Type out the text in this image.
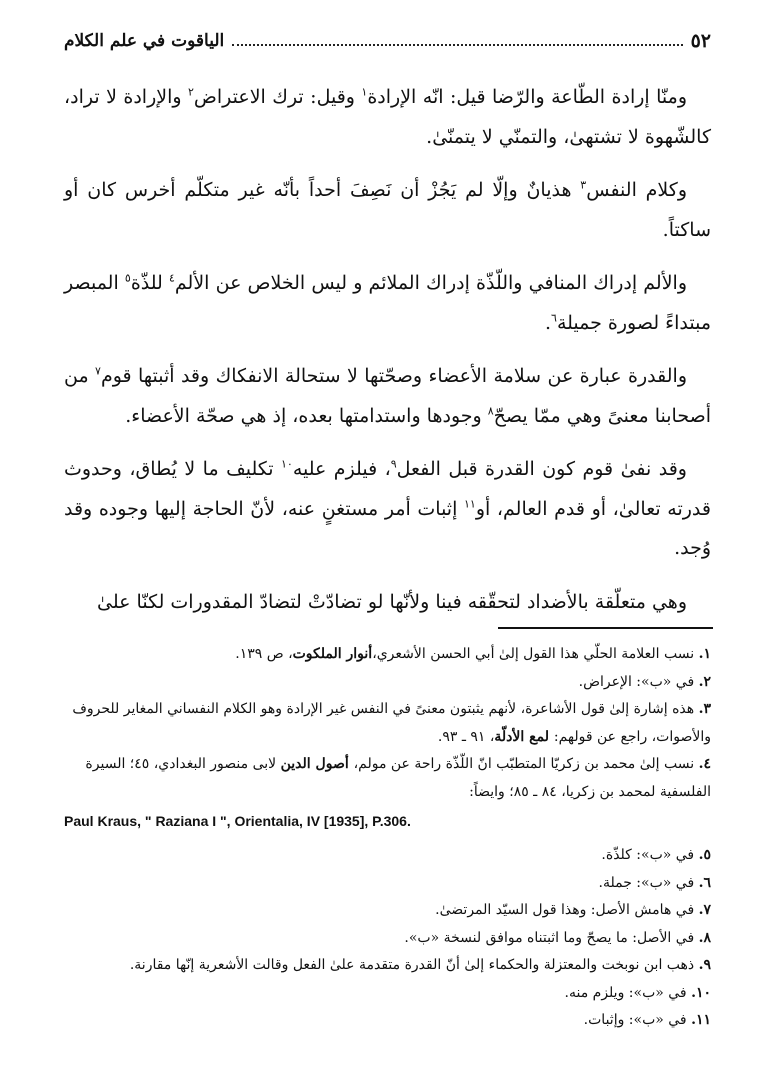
٥٢
الياقوت في علم الكلام

ومنّا إرادة الطّاعة والرّضا قيل: انّه الإرادة$^١$ وقيل: ترك الاعتراض$^٢$ والإرادة لا تراد، كالشّهوة لا تشتهىٰ، والتمنّي لا يتمنّىٰ.

وكلام النفس$^٣$ هذيانٌ وإلّا لم يَجُزْ أن نَصِفَ أحداً بأنّه غير متكلّم أخرس كان أو ساكتاً.

والألم إدراك المنافي واللّذّة إدراك الملائم و ليس الخلاص عن الألم$^٤$ للذّة$^٥$ المبصر مبتداءً لصورة جميلة$^٦$.

والقدرة عبارة عن سلامة الأعضاء وصحّتها لا ستحالة الانفكاك وقد أثبتها قوم$^٧$ من أصحابنا معنىً وهي ممّا يصحّ$^٨$ وجودها واستدامتها بعده، إذ هي صحّة الأعضاء.

وقد نفىٰ قوم كون القدرة قبل الفعل$^٩$، فيلزم عليه$^{١٠}$ تكليف ما لا يُطاق، وحدوث قدرته تعالىٰ، أو قدم العالم، أو$^{١١}$ إثبات أمر مستغنٍ عنه، لأنّ الحاجة إليها وجوده وقد وُجد.

وهي متعلّقة بالأضداد لتحقّقه فينا ولأنّها لو تضادّتْ لتضادّ المقدورات لكنّا علىٰ

١. نسب العلامة الحلّي هذا القول إلىٰ أبي الحسن الأشعري،أنوار الملكوت، ص ١٣٩.
٢. في «ب»: الإعراض.
٣. هذه إشارة إلىٰ قول الأشاعرة، لأنهم يثبتون معنىً في النفس غير الإرادة وهو الكلام النفساني المغاير للحروف والأصوات، راجع عن قولهم: لمع الأدلّة، ٩١ ـ ٩٣.
٤. نسب إلىٰ محمد بن زكريّا المتطبّب انّ اللّذّة راحة عن مولم، أصول الدين لابى منصور البغدادي، ٤٥؛ السيرة الفلسفية لمحمد بن زكريا، ٨٤ ـ ٨٥؛ وايضاً:
Paul Kraus, " Raziana I ", Orientalia, IV [1935], P.306.
٥. في «ب»: كلذّة.
٦. في «ب»: جملة.
٧. في هامش الأصل: وهذا قول السيّد المرتضىٰ.
٨. في الأصل: ما يصحّ وما اثبتناه موافق لنسخة «ب».
٩. ذهب ابن نوبخت والمعتزلة والحكماء إلىٰ أنّ القدرة متقدمة علىٰ الفعل وقالت الأشعرية إنّها مقارنة.
١٠. في «ب»: ويلزم منه.
١١. في «ب»: وإثبات.
